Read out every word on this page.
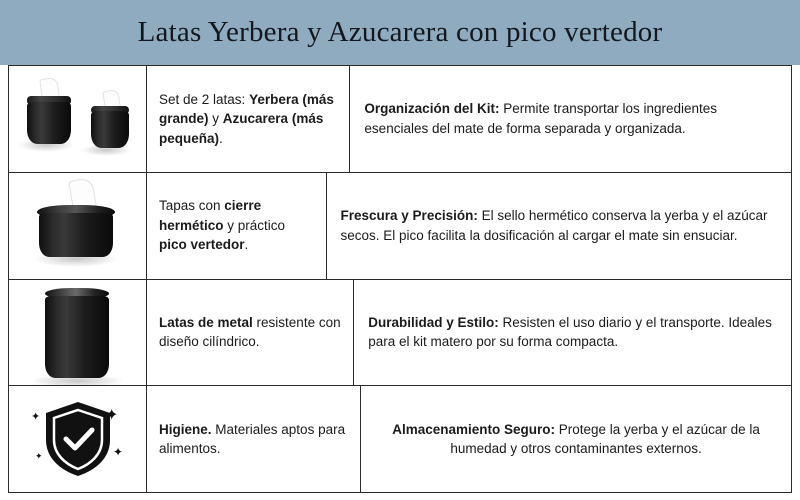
Latas Yerbera y Azucarera con pico vertedor
Set de 2 latas: Yerbera (más grande) y Azucarera (más pequeña).
Organización del Kit: Permite transportar los ingredientes esenciales del mate de forma separada y organizada.
Tapas con cierre hermético y práctico pico vertedor.
Frescura y Precisión: El sello hermético conserva la yerba y el azúcar secos. El pico facilita la dosificación al cargar el mate sin ensuciar.
Latas de metal resistente con diseño cilíndrico.
Durabilidad y Estilo: Resisten el uso diario y el transporte. Ideales para el kit matero por su forma compacta.
✦
✦
✦
✦
Higiene. Materiales aptos para alimentos.
Almacenamiento Seguro: Protege la yerba y el azúcar de la humedad y otros contaminantes externos.
